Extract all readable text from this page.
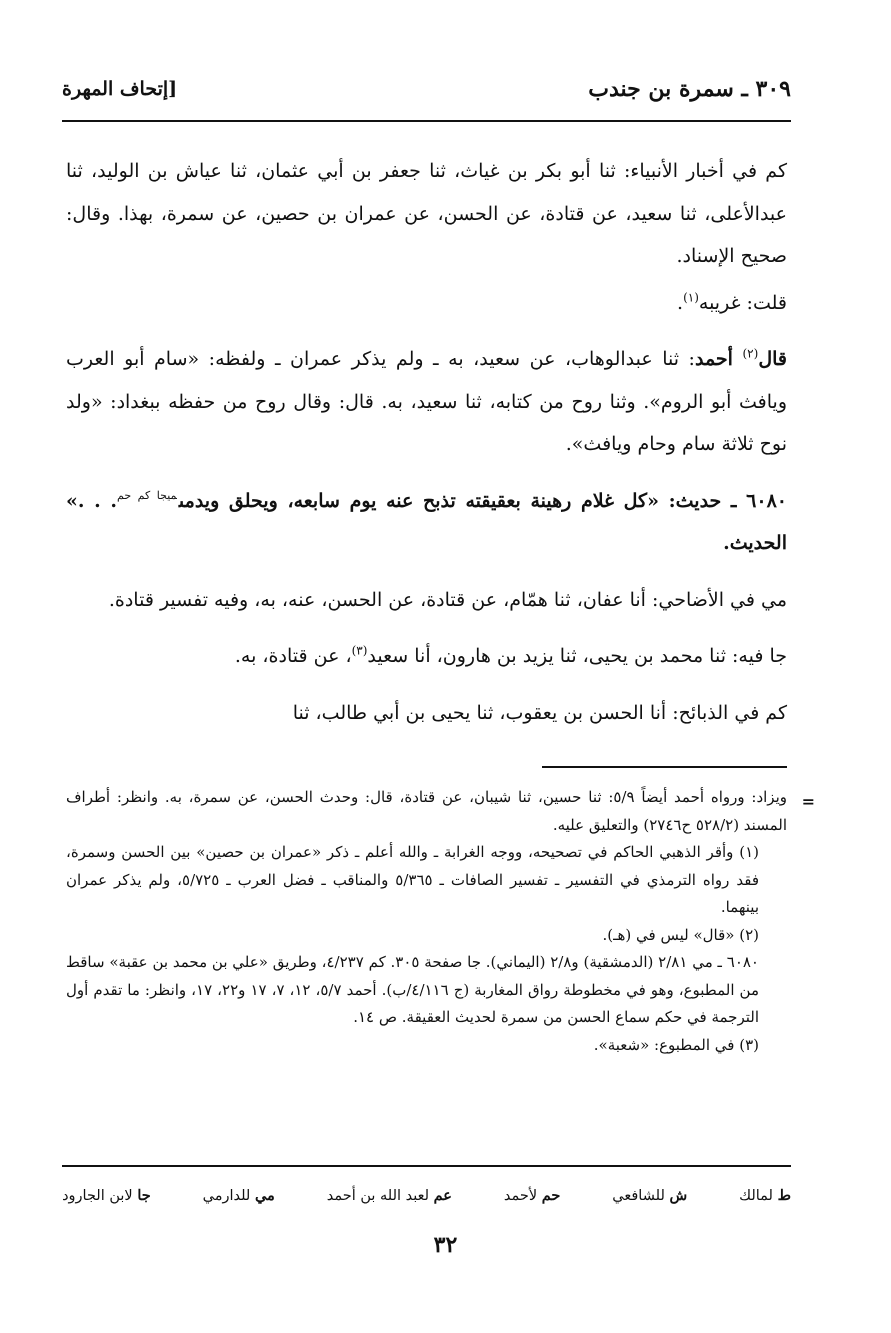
٣٠٩ ـ سمرة بن جندب
[إتحاف المهرة

كم في أخبار الأنبياء: ثنا أبو بكر بن غياث، ثنا جعفر بن أبي عثمان، ثنا عياش بن الوليد، ثنا عبدالأعلى، ثنا سعيد، عن قتادة، عن الحسن، عن عمران بن حصين، عن سمرة، بهذا. وقال: صحيح الإسناد.

قلت: غريبه$^{(١)}$.

قال$^{(٢)}$ أحمد: ثنا عبدالوهاب، عن سعيد، به ـ ولم يذكر عمران ـ ولفظه: «سام أبو العرب ويافث أبو الروم». وثنا روح من كتابه، ثنا سعيد، به. قال: وقال روح من حفظه ببغداد: «ولد نوح ثلاثة سام وحام ويافث».

٦٠٨٠ ـ حديث: «كل غلام رهينة بعقيقته تذبح عنه يوم سابعه، ويحلق ويدمى$^{ميجا كم حم}$. . .» الحديث.

مي في الأضاحي: أنا عفان، ثنا همّام، عن قتادة، عن الحسن، عنه، به، وفيه تفسير قتادة.

جا فيه: ثنا محمد بن يحيى، ثنا يزيد بن هارون، أنا سعيد$^{(٣)}$، عن قتادة، به.

كم في الذبائح: أنا الحسن بن يعقوب، ثنا يحيى بن أبي طالب، ثنا

=

ويزاد: ورواه أحمد أيضاً ٥/٩: ثنا حسين، ثنا شيبان، عن قتادة، قال: وحدث الحسن، عن سمرة، به. وانظر: أطراف المسند (٥٢٨/٢ ح٢٧٤٦) والتعليق عليه.

(١) وأقر الذهبي الحاكم في تصحيحه، ووجه الغرابة ـ والله أعلم ـ ذكر «عمران بن حصين» بين الحسن وسمرة، فقد رواه الترمذي في التفسير ـ تفسير الصافات ـ ٥/٣٦٥ والمناقب ـ فضل العرب ـ ٥/٧٢٥، ولم يذكر عمران بينهما.

(٢) «قال» ليس في (هـ).

٦٠٨٠ ـ مي ٢/٨١ (الدمشقية) و٢/٨ (اليماني). جا صفحة ٣٠٥. كم ٤/٢٣٧، وطريق «علي بن محمد بن عقبة» ساقط من المطبوع، وهو في مخطوطة رواق المغاربة (ج ٤/١١٦/ب). أحمد ٥/٧، ١٢، ٧، ١٧ و٢٢، ١٧، وانظر: ما تقدم أول الترجمة في حكم سماع الحسن من سمرة لحديث العقيقة. ص ١٤.

(٣) في المطبوع: «شعبة».

ط لمالك
ش للشافعي
حم لأحمد
عم لعبد الله بن أحمد
مي للدارمي
جا لابن الجارود
٣٢
